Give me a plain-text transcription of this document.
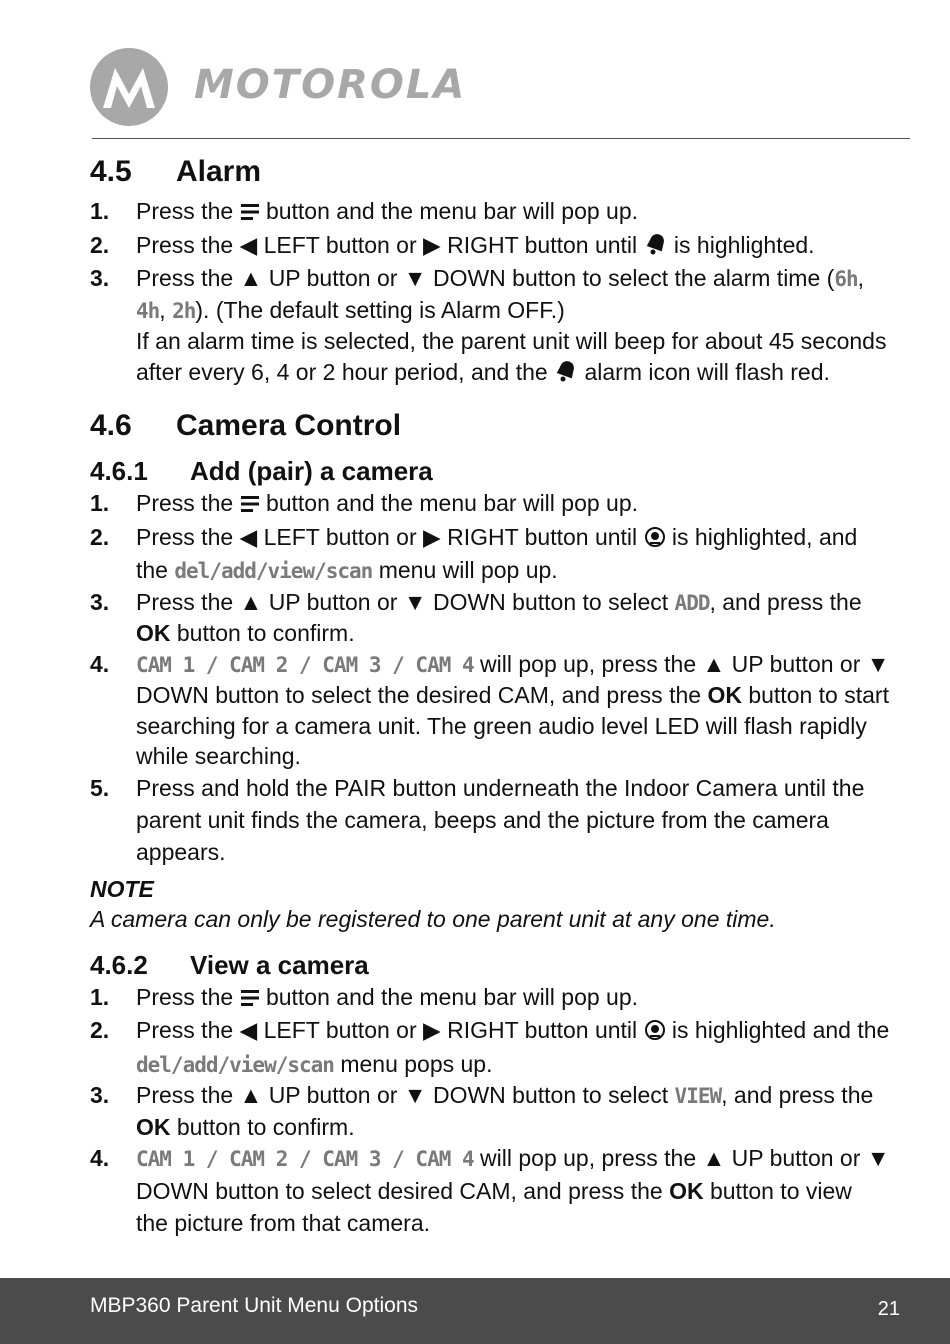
MOTOROLA
4.5 Alarm
1. Press the button and the menu bar will pop up.
2. Press the ◀ LEFT button or ▶ RIGHT button until is highlighted.
3. Press the ▲ UP button or ▼ DOWN button to select the alarm time (6h, 4h, 2h). (The default setting is Alarm OFF.)
If an alarm time is selected, the parent unit will beep for about 45 seconds after every 6, 4 or 2 hour period, and the alarm icon will flash red.
4.6 Camera Control
4.6.1 Add (pair) a camera
1. Press the button and the menu bar will pop up.
2. Press the ◀ LEFT button or ▶ RIGHT button until is highlighted, and the del/add/view/scan menu will pop up.
3. Press the ▲ UP button or ▼ DOWN button to select ADD, and press the OK button to confirm.
4. CAM 1 / CAM 2 / CAM 3 / CAM 4 will pop up, press the ▲ UP button or ▼ DOWN button to select the desired CAM, and press the OK button to start searching for a camera unit. The green audio level LED will flash rapidly while searching.
5. Press and hold the PAIR button underneath the Indoor Camera until the parent unit finds the camera, beeps and the picture from the camera appears.
NOTE
A camera can only be registered to one parent unit at any one time.
4.6.2 View a camera
1. Press the button and the menu bar will pop up.
2. Press the ◀ LEFT button or ▶ RIGHT button until is highlighted and the del/add/view/scan menu pops up.
3. Press the ▲ UP button or ▼ DOWN button to select VIEW, and press the OK button to confirm.
4. CAM 1 / CAM 2 / CAM 3 / CAM 4 will pop up, press the ▲ UP button or ▼ DOWN button to select desired CAM, and press the OK button to view the picture from that camera.
MBP360 Parent Unit Menu Options	21
